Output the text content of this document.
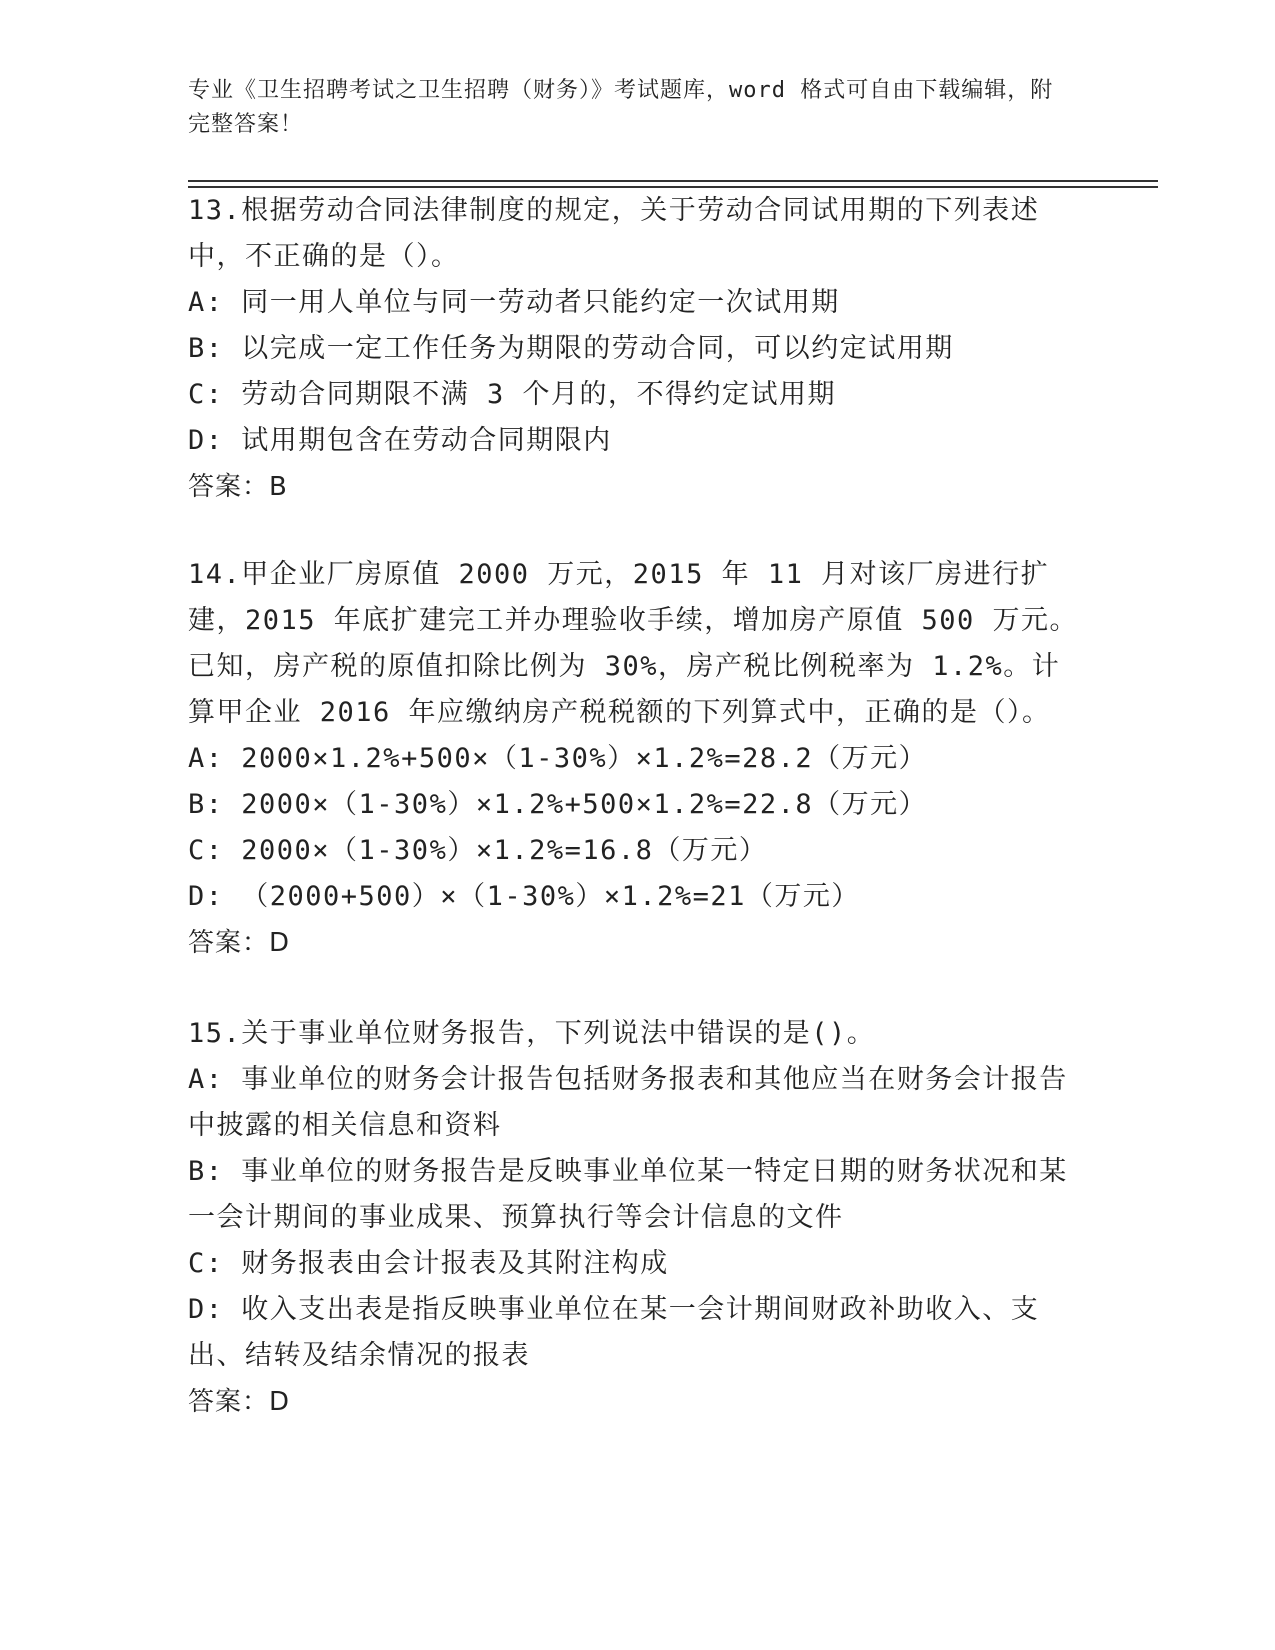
专业《卫生招聘考试之卫生招聘（财务）》考试题库，word 格式可自由下载编辑，附完整答案！

13.根据劳动合同法律制度的规定，关于劳动合同试用期的下列表述中，不正确的是（）。

A: 同一用人单位与同一劳动者只能约定一次试用期

B: 以完成一定工作任务为期限的劳动合同，可以约定试用期

C: 劳动合同期限不满 3 个月的，不得约定试用期

D: 试用期包含在劳动合同期限内

答案：B

14.甲企业厂房原值 2000 万元，2015 年 11 月对该厂房进行扩建，2015 年底扩建完工并办理验收手续，增加房产原值 500 万元。已知，房产税的原值扣除比例为 30%，房产税比例税率为 1.2%。计算甲企业 2016 年应缴纳房产税税额的下列算式中，正确的是（）。

A: 2000×1.2%+500×（1-30%）×1.2%=28.2（万元）

B: 2000×（1-30%）×1.2%+500×1.2%=22.8（万元）

C: 2000×（1-30%）×1.2%=16.8（万元）

D: （2000+500）×（1-30%）×1.2%=21（万元）

答案：D

15.关于事业单位财务报告，下列说法中错误的是()。

A: 事业单位的财务会计报告包括财务报表和其他应当在财务会计报告中披露的相关信息和资料

B: 事业单位的财务报告是反映事业单位某一特定日期的财务状况和某一会计期间的事业成果、预算执行等会计信息的文件

C: 财务报表由会计报表及其附注构成

D: 收入支出表是指反映事业单位在某一会计期间财政补助收入、支出、结转及结余情况的报表

答案：D
